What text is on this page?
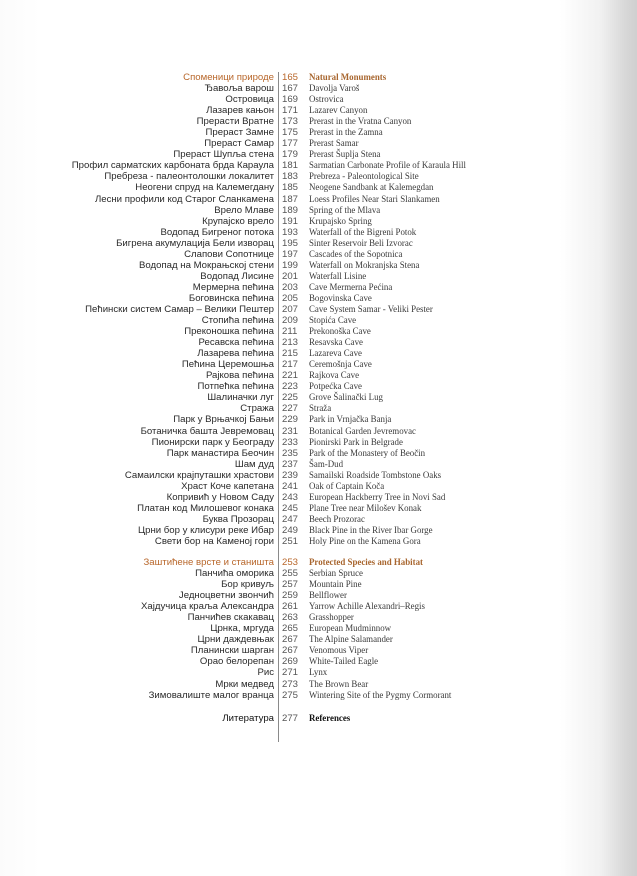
Споменици природе 165	Natural Monuments
Ђавоља варош 167	Davolja Varoš
Островица 169	Ostrovica
Лазарев кањон 171	Lazarev Canyon
Прерасти Вратне 173	Prerast in the Vratna Canyon
Прераст Замне 175	Prerast in the Zamna
Прераст Самар 177	Prerast Samar
Прераст Шупља стена 179	Prerast Šuplja Stena
Профил сарматских карбоната брда Караула 181	Sarmatian Carbonate Profile of Karaula Hill
Пребреза - палеонтолошки локалитет 183	Prebreza - Paleontological Site
Неогени спруд на Калемегдану 185	Neogene Sandbank at Kalemegdan
Лесни профили код Старог Сланкамена 187	Loess Profiles Near Stari Slankamen
Врело Млаве 189	Spring of the Mlava
Крупајско врело 191	Krupajsko Spring
Водопад Бигреног потока 193	Waterfall of the Bigreni Potok
Бигрена акумулација Бели изворац 195	Sinter Reservoir Beli Izvorac
Слапови Сопотнице 197	Cascades of the Sopotnica
Водопад на Мокрањској стени 199	Waterfall on Mokranjska Stena
Водопад Лисине 201	Waterfall Lisine
Мермерна пећина 203	Cave Mermerna Pećina
Боговинска пећина 205	Bogovinska Cave
Пећински систем Самар – Велики Пештер 207	Cave System Samar - Veliki Pester
Стопића пећина 209	Stopića Cave
Преконошка пећина 211	Prekonoška Cave
Ресавска пећина 213	Resavska Cave
Лазарева пећина 215	Lazareva Cave
Пећина Церемошња 217	Ceremošnja Cave
Рајкова пећина 221	Rajkova Cave
Потпећка пећина 223	Potpećka Cave
Шалиначки луг 225	Grove Šalinački Lug
Стража 227	Straža
Парк у Врњачкој Бањи 229	Park in Vrnjačka Banja
Ботаничка башта Јевремовац 231	Botanical Garden Jevremovac
Пионирски парк у Београду 233	Pionirski Park in Belgrade
Парк манастира Беочин 235	Park of the Monastery of Beočin
Шам дуд 237	Šam-Dud
Самаилски крајпуташки храстови 239	Samailski Roadside Tombstone Oaks
Храст Коче капетана 241	Oak of Captain Koča
Копривић у Новом Саду 243	European Hackberry Tree in Novi Sad
Платан код Милошевог конака 245	Plane Tree near Milošev Konak
Буква Прозорац 247	Beech Prozorac
Црни бор у клисури реке Ибар 249	Black Pine in the River Ibar Gorge
Свети бор на Каменој гори 251	Holy Pine on the Kamena Gora
Заштићене врсте и станишта 253	Protected Species and Habitat
Панчића оморика 255	Serbian Spruce
Бор кривуљ 257	Mountain Pine
Једноцветни звончић 259	Bellflower
Хајдучица краља Александра 261	Yarrow Achille Alexandri–Regis
Панчићев скакавац 263	Grasshopper
Црнка, мргуда 265	European Mudminnow
Црни даждевњак 267	The Alpine Salamander
Планински шарган 267	Venomous Viper
Орао белорепан 269	White-Tailed Eagle
Рис 271	Lynx
Мрки медвед 273	The Brown Bear
Зимовалиште малог вранца 275	Wintering Site of the Pygmy Cormorant
Литература 277	References
